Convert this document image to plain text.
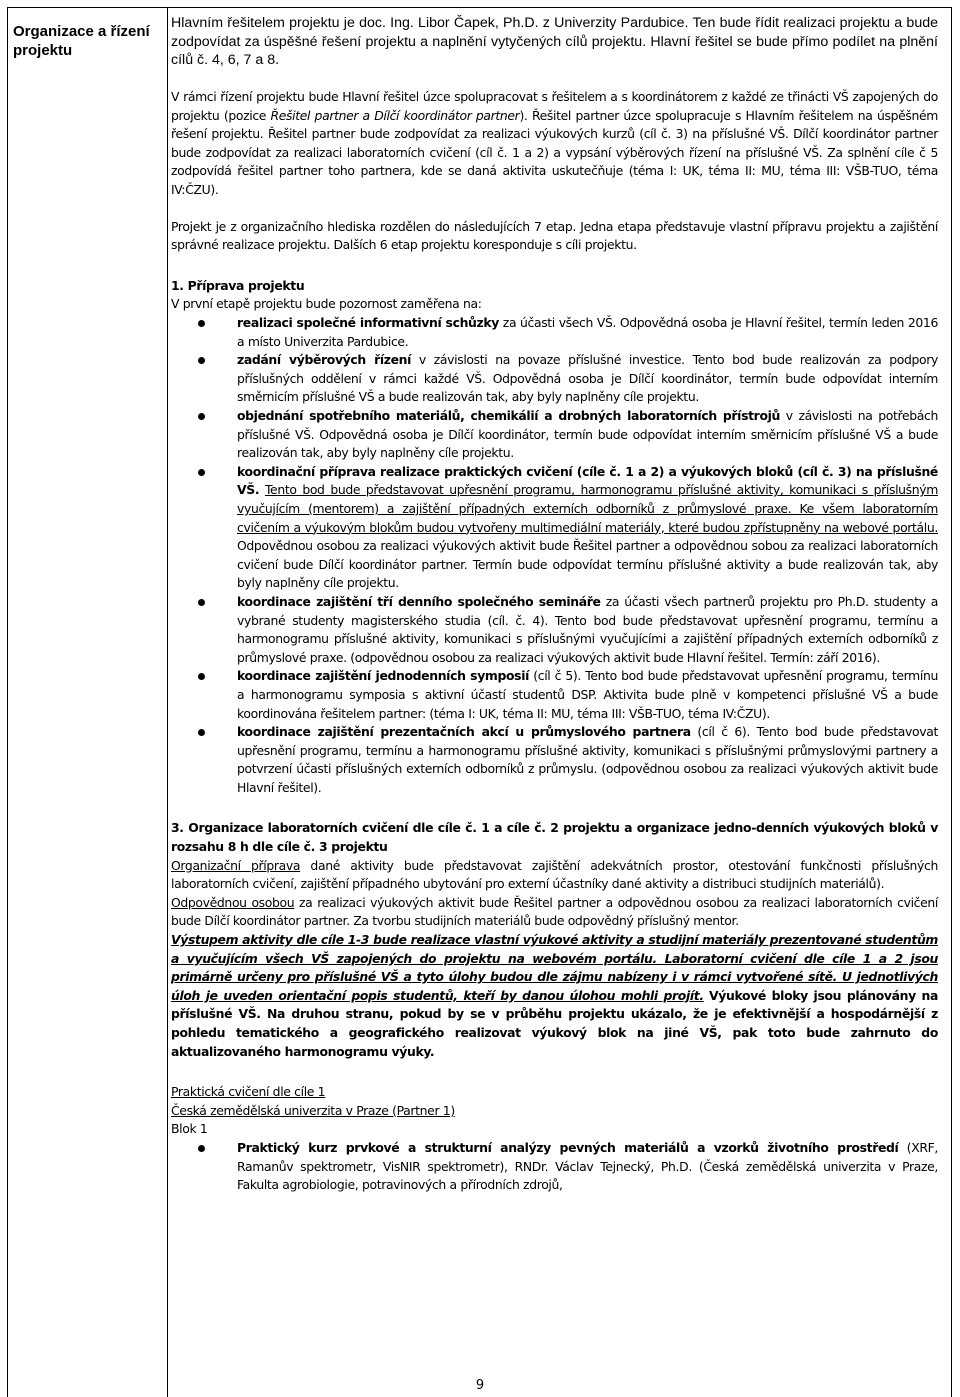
Organizace a řízení projektu

Hlavním řešitelem projektu je doc. Ing. Libor Čapek, Ph.D. z Univerzity Pardubice. Ten bude řídit realizaci projektu a bude zodpovídat za úspěšné řešení projektu a naplnění vytyčených cílů projektu. Hlavní řešitel se bude přímo podílet na plnění cílů č. 4, 6, 7 a 8.

V rámci řízení projektu bude Hlavní řešitel úzce spolupracovat s řešitelem a s koordinátorem z každé ze třinácti VŠ zapojených do projektu (pozice Řešitel partner a Dílčí koordinátor partner). Řešitel partner úzce spolupracuje s Hlavním řešitelem na úspěšném řešení projektu. Řešitel partner bude zodpovídat za realizaci výukových kurzů (cíl č. 3) na příslušné VŠ. Dílčí koordinátor partner bude zodpovídat za realizaci laboratorních cvičení (cíl č. 1 a 2) a vypsání výběrových řízení na příslušné VŠ. Za splnění cíle č 5 zodpovídá řešitel partner toho partnera, kde se daná aktivita uskutečňuje (téma I: UK, téma II: MU, téma III: VŠB-TUO, téma IV:ČZU).

Projekt je z organizačního hlediska rozdělen do následujících 7 etap. Jedna etapa představuje vlastní přípravu projektu a zajištění správné realizace projektu. Dalších 6 etap projektu koresponduje s cíli projektu.

1. Příprava projektu

V první etapě projektu bude pozornost zaměřena na:

realizaci společné informativní schůzky za účasti všech VŠ. Odpovědná osoba je Hlavní řešitel, termín leden 2016 a místo Univerzita Pardubice.
zadání výběrových řízení v závislosti na povaze příslušné investice. Tento bod bude realizován za podpory příslušných oddělení v rámci každé VŠ. Odpovědná osoba je Dílčí koordinátor, termín bude odpovídat interním směrnicím příslušné VŠ a bude realizován tak, aby byly naplněny cíle projektu.
objednání spotřebního materiálů, chemikálií a drobných laboratorních přístrojů v závislosti na potřebách příslušné VŠ. Odpovědná osoba je Dílčí koordinátor, termín bude odpovídat interním směrnicím příslušné VŠ a bude realizován tak, aby byly naplněny cíle projektu.
koordinační příprava realizace praktických cvičení (cíle č. 1 a 2) a výukových bloků (cíl č. 3) na příslušné VŠ. Tento bod bude představovat upřesnění programu, harmonogramu příslušné aktivity, komunikaci s příslušným vyučujícím (mentorem) a zajištění případných externích odborníků z průmyslové praxe. Ke všem laboratorním cvičením a výukovým blokům budou vytvořeny multimediální materiály, které budou zpřístupněny na webové portálu. Odpovědnou osobou za realizaci výukových aktivit bude Řešitel partner a odpovědnou sobou za realizaci laboratorních cvičení bude Dílčí koordinátor partner. Termín bude odpovídat termínu příslušné aktivity a bude realizován tak, aby byly naplněny cíle projektu.
koordinace zajištění tří denního společného semináře za účasti všech partnerů projektu pro Ph.D. studenty a vybrané studenty magisterského studia (cíl. č. 4). Tento bod bude představovat upřesnění programu, termínu a harmonogramu příslušné aktivity, komunikaci s příslušnými vyučujícími a zajištění případných externích odborníků z průmyslové praxe. (odpovědnou osobou za realizaci výukových aktivit bude Hlavní řešitel. Termín: září 2016).
koordinace zajištění jednodenních symposií (cíl č 5). Tento bod bude představovat upřesnění programu, termínu a harmonogramu symposia s aktivní účastí studentů DSP. Aktivita bude plně v kompetenci příslušné VŠ a bude koordinována řešitelem partner: (téma I: UK, téma II: MU, téma III: VŠB-TUO, téma IV:ČZU).
koordinace zajištění prezentačních akcí u průmyslového partnera (cíl č 6). Tento bod bude představovat upřesnění programu, termínu a harmonogramu příslušné aktivity, komunikaci s příslušnými průmyslovými partnery a potvrzení účasti příslušných externích odborníků z průmyslu. (odpovědnou osobou za realizaci výukových aktivit bude Hlavní řešitel).

3. Organizace laboratorních cvičení dle cíle č. 1 a cíle č. 2 projektu a organizace jedno-denních výukových bloků v rozsahu 8 h dle cíle č. 3 projektu

Organizační příprava dané aktivity bude představovat zajištění adekvátních prostor, otestování funkčnosti příslušných laboratorních cvičení, zajištění případného ubytování pro externí účastníky dané aktivity a distribuci studijních materiálů).

Odpovědnou osobou za realizaci výukových aktivit bude Řešitel partner a odpovědnou osobou za realizaci laboratorních cvičení bude Dílčí koordinátor partner. Za tvorbu studijních materiálů bude odpovědný příslušný mentor.

Výstupem aktivity dle cíle 1-3 bude realizace vlastní výukové aktivity a studijní materiály prezentované studentům a vyučujícím všech VŠ zapojených do projektu na webovém portálu. Laboratorní cvičení dle cíle 1 a 2 jsou primárně určeny pro příslušné VŠ a tyto úlohy budou dle zájmu nabízeny i v rámci vytvořené sítě. U jednotlivých úloh je uveden orientační popis studentů, kteří by danou úlohou mohli projít. Výukové bloky jsou plánovány na příslušné VŠ. Na druhou stranu, pokud by se v průběhu projektu ukázalo, že je efektivnější a hospodárnější z pohledu tematického a geografického realizovat výukový blok na jiné VŠ, pak toto bude zahrnuto do aktualizovaného harmonogramu výuky.

Praktická cvičení dle cíle 1

Česká zemědělská univerzita v Praze (Partner 1)

Blok 1

Praktický kurz prvkové a strukturní analýzy pevných materiálů a vzorků životního prostředí (XRF, Ramanův spektrometr, VisNIR spektrometr), RNDr. Václav Tejnecký, Ph.D. (Česká zemědělská univerzita v Praze, Fakulta agrobiologie, potravinových a přírodních zdrojů,
9
